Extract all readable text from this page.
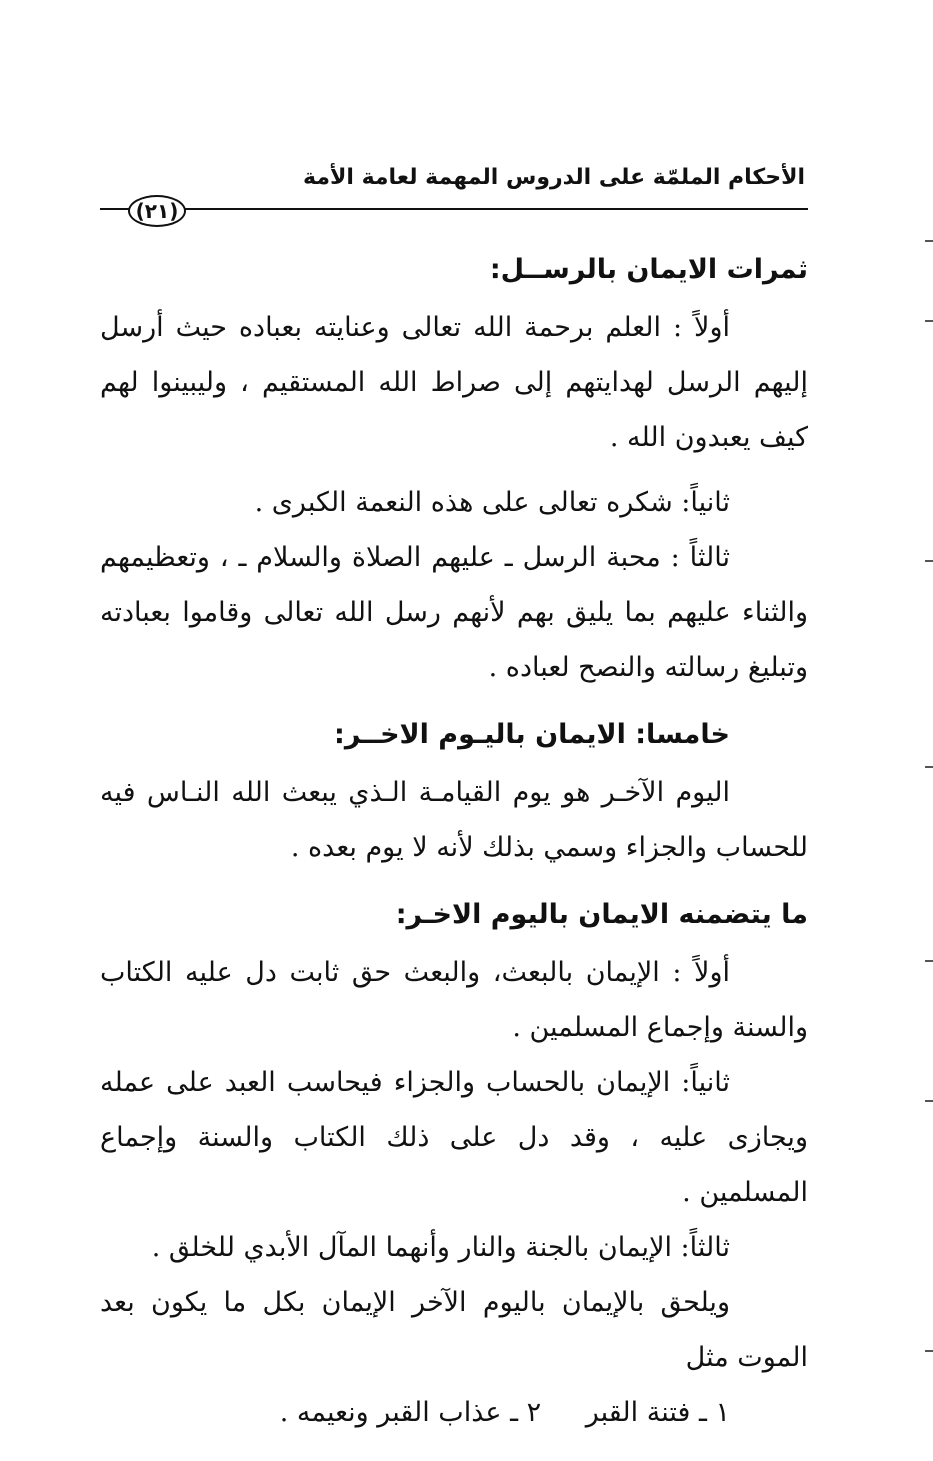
الأحكام الملمّة على الدروس المهمة لعامة الأمة
(٢١)
ثمرات الايمان بالرســل:

أولاً : العلم برحمة الله تعالى وعنايته بعباده حيث أرسل إليهم الرسل لهدايتهم إلى صراط الله المستقيم ، وليبينوا لهم كيف يعبدون الله .

ثانياً: شكره تعالى على هذه النعمة الكبرى .

ثالثاً : محبة الرسل ـ عليهم الصلاة والسلام ـ ، وتعظيمهم والثناء عليهم بما يليق بهم لأنهم رسل الله تعالى وقاموا بعبادته وتبليغ رسالته والنصح لعباده .

خامسا: الايمان باليـوم الاخــر:

اليوم الآخـر هو يوم القيامـة الـذي يبعث الله النـاس فيه للحساب والجزاء وسمي بذلك لأنه لا يوم بعده .

ما يتضمنه الايمان باليوم الاخـر:

أولاً : الإيمان بالبعث، والبعث حق ثابت دل عليه الكتاب والسنة وإجماع المسلمين .

ثانياً: الإيمان بالحساب والجزاء فيحاسب العبد على عمله ويجازى عليه ، وقد دل على ذلك الكتاب والسنة وإجماع المسلمين .

ثالثاً: الإيمان بالجنة والنار وأنهما المآل الأبدي للخلق .

ويلحق بالإيمان باليوم الآخر الإيمان بكل ما يكون بعد الموت مثل

١ ـ فتنة القبر ٢ ـ عذاب القبر ونعيمه .
